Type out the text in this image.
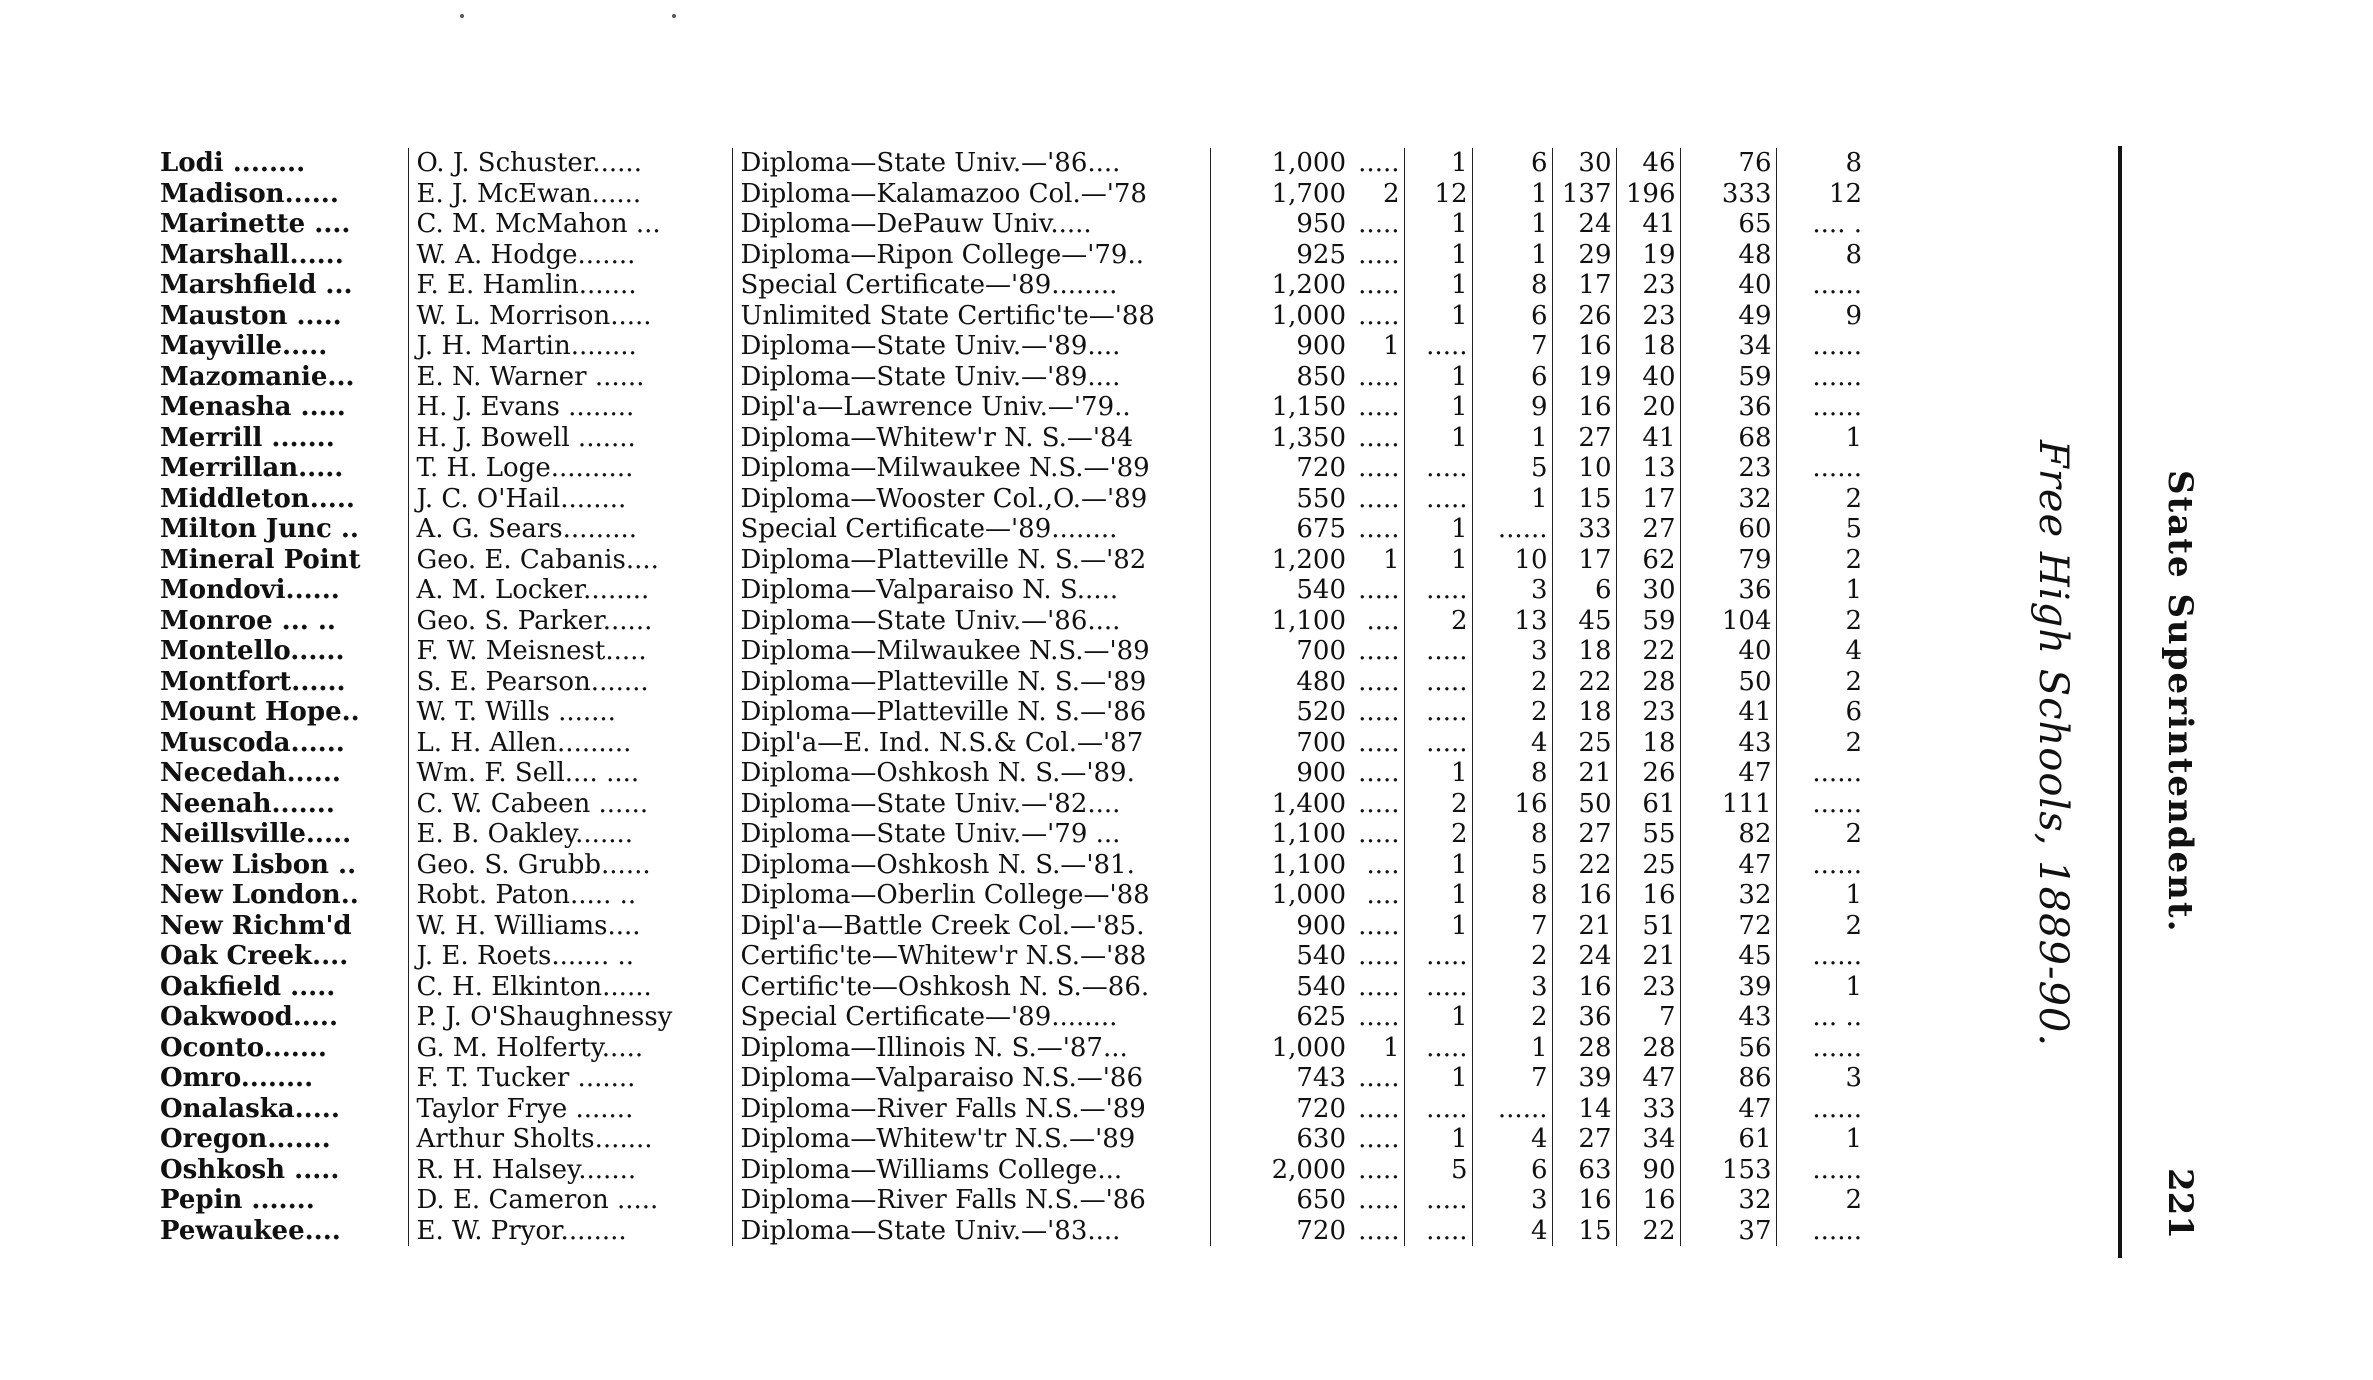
Lodi ........	O. J. Schuster......	Diploma—State Univ.—'86....	1,000	.....	1	6	30	46	76	8
Madison......	E. J. McEwan......	Diploma—Kalamazoo Col.—'78	1,700	2	12	1	137	196	333	12
Marinette ....	C. M. McMahon ...	Diploma—DePauw Univ.....	950	.....	1	1	24	41	65	.... .
Marshall......	W. A. Hodge.......	Diploma—Ripon College—'79..	925	.....	1	1	29	19	48	8
Marshfield ...	F. E. Hamlin.......	Special Certificate—'89........	1,200	.....	1	8	17	23	40	......
Mauston .....	W. L. Morrison.....	Unlimited State Certific'te—'88	1,000	.....	1	6	26	23	49	9
Mayville.....	J. H. Martin........	Diploma—State Univ.—'89....	900	1	.....	7	16	18	34	......
Mazomanie...	E. N. Warner ......	Diploma—State Univ.—'89....	850	.....	1	6	19	40	59	......
Menasha .....	H. J. Evans ........	Dipl'a—Lawrence Univ.—'79..	1,150	.....	1	9	16	20	36	......
Merrill .......	H. J. Bowell .......	Diploma—Whitew'r N. S.—'84	1,350	.....	1	1	27	41	68	1
Merrillan.....	T. H. Loge..........	Diploma—Milwaukee N.S.—'89	720	.....	.....	5	10	13	23	......
Middleton.....	J. C. O'Hail........	Diploma—Wooster Col.,O.—'89	550	.....	.....	1	15	17	32	2
Milton Junc ..	A. G. Sears.........	Special Certificate—'89........	675	.....	1	......	33	27	60	5
Mineral Point	Geo. E. Cabanis....	Diploma—Platteville N. S.—'82	1,200	1	1	10	17	62	79	2
Mondovi......	A. M. Locker........	Diploma—Valparaiso N. S.....	540	.....	.....	3	6	30	36	1
Monroe ... ..	Geo. S. Parker......	Diploma—State Univ.—'86....	1,100	....	2	13	45	59	104	2
Montello......	F. W. Meisnest.....	Diploma—Milwaukee N.S.—'89	700	.....	.....	3	18	22	40	4
Montfort......	S. E. Pearson.......	Diploma—Platteville N. S.—'89	480	.....	.....	2	22	28	50	2
Mount Hope..	W. T. Wills .......	Diploma—Platteville N. S.—'86	520	.....	.....	2	18	23	41	6
Muscoda......	L. H. Allen.........	Dipl'a—E. Ind. N.S.& Col.—'87	700	.....	.....	4	25	18	43	2
Necedah......	Wm. F. Sell.... ....	Diploma—Oshkosh N. S.—'89.	900	.....	1	8	21	26	47	......
Neenah.......	C. W. Cabeen ......	Diploma—State Univ.—'82....	1,400	.....	2	16	50	61	111	......
Neillsville.....	E. B. Oakley.......	Diploma—State Univ.—'79 ...	1,100	.....	2	8	27	55	82	2
New Lisbon ..	Geo. S. Grubb......	Diploma—Oshkosh N. S.—'81.	1,100	....	1	5	22	25	47	......
New London..	Robt. Paton..... ..	Diploma—Oberlin College—'88	1,000	....	1	8	16	16	32	1
New Richm'd	W. H. Williams....	Dipl'a—Battle Creek Col.—'85.	900	.....	1	7	21	51	72	2
Oak Creek....	J. E. Roets....... ..	Certific'te—Whitew'r N.S.—'88	540	.....	.....	2	24	21	45	......
Oakfield .....	C. H. Elkinton......	Certific'te—Oshkosh N. S.—86.	540	.....	.....	3	16	23	39	1
Oakwood.....	P. J. O'Shaughnessy	Special Certificate—'89........	625	.....	1	2	36	7	43	... ..
Oconto.......	G. M. Holferty.....	Diploma—Illinois N. S.—'87...	1,000	1	.....	1	28	28	56	......
Omro........	F. T. Tucker .......	Diploma—Valparaiso N.S.—'86	743	.....	1	7	39	47	86	3
Onalaska.....	Taylor Frye .......	Diploma—River Falls N.S.—'89	720	.....	.....	......	14	33	47	......
Oregon.......	Arthur Sholts.......	Diploma—Whitew'tr N.S.—'89	630	.....	1	4	27	34	61	1
Oshkosh .....	R. H. Halsey.......	Diploma—Williams College...	2,000	.....	5	6	63	90	153	......
Pepin .......	D. E. Cameron .....	Diploma—River Falls N.S.—'86	650	.....	.....	3	16	16	32	2
Pewaukee....	E. W. Pryor........	Diploma—State Univ.—'83....	720	.....	.....	4	15	22	37	......
Free High Schools, 1889-90. State Superintendent.
221
